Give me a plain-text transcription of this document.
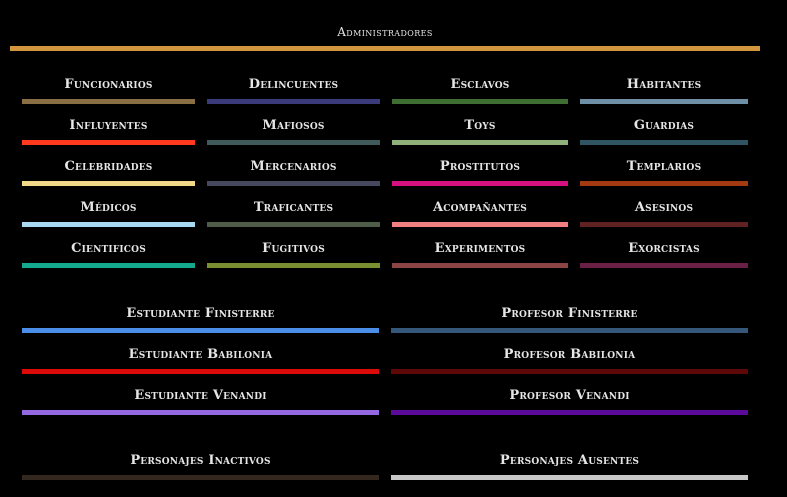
Administradores
Funcionarios	Delincuentes	Esclavos	Habitantes
Influyentes	Mafiosos	Toys	Guardias
Celebridades	Mercenarios	Prostitutos	Templarios
Médicos	Traficantes	Acompañantes	Asesinos
Cientificos	Fugitivos	Experimentos	Exorcistas
Estudiante Finisterre	Profesor Finisterre
Estudiante Babilonia	Profesor Babilonia
Estudiante Venandi	Profesor Venandi
Personajes Inactivos	Personajes Ausentes
